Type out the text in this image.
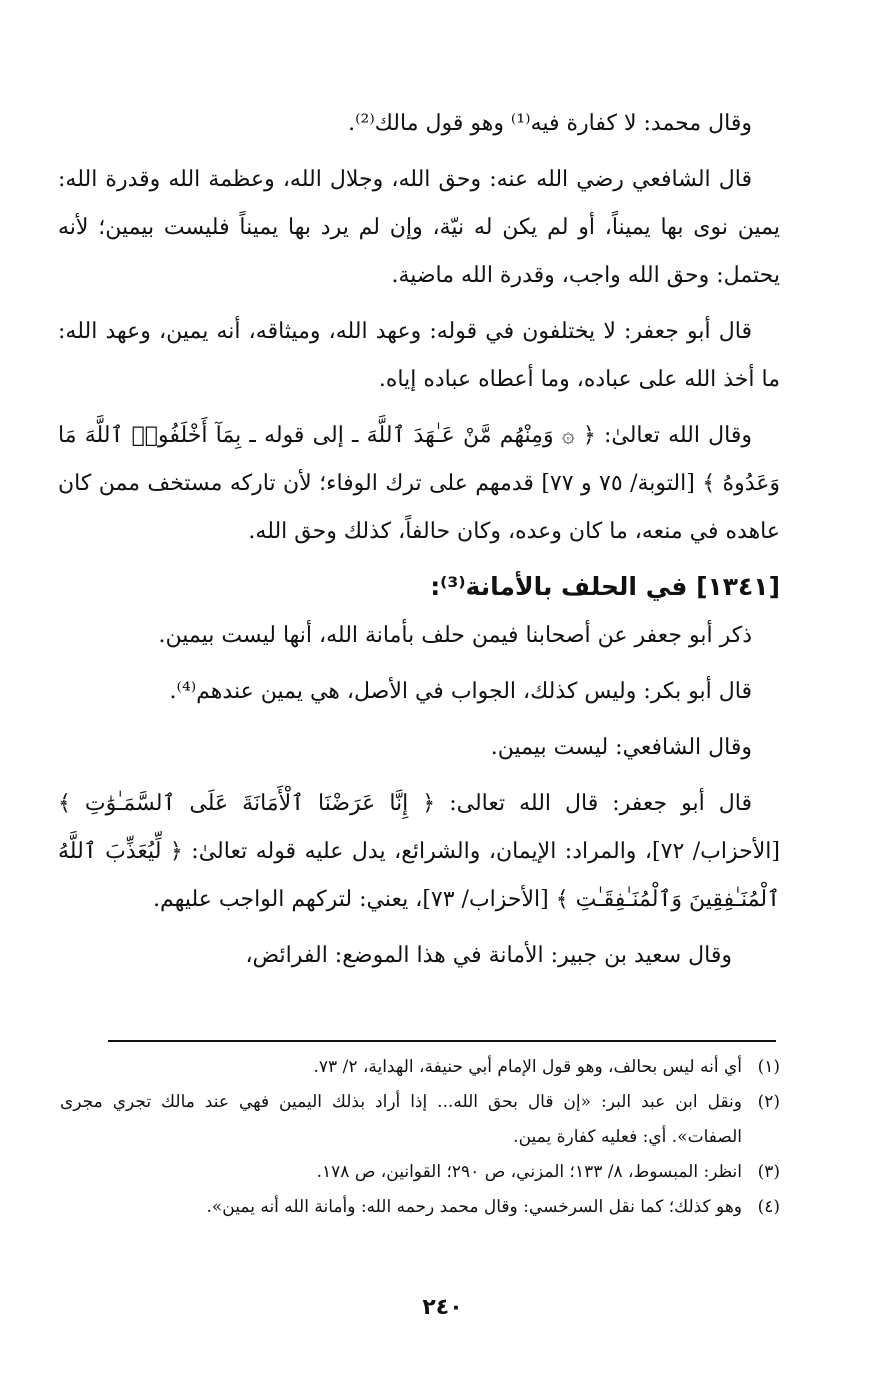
وقال محمد: لا كفارة فيه⁽¹⁾ وهو قول مالك⁽²⁾.

قال الشافعي رضي الله عنه: وحق الله، وجلال الله، وعظمة الله وقدرة الله: يمين نوى بها يميناً، أو لم يكن له نيّة، وإن لم يرد بها يميناً فليست بيمين؛ لأنه يحتمل: وحق الله واجب، وقدرة الله ماضية.

قال أبو جعفر: لا يختلفون في قوله: وعهد الله، وميثاقه، أنه يمين، وعهد الله: ما أخذ الله على عباده، وما أعطاه عباده إياه.

وقال الله تعالىٰ: ﴿ ۞ وَمِنْهُم مَّنْ عَـٰهَدَ ٱللَّهَ ـ إلى قوله ـ بِمَآ أَخْلَفُوا۟ ٱللَّهَ مَا وَعَدُوهُ ﴾ [التوبة/ ٧٥ و ٧٧] قدمهم على ترك الوفاء؛ لأن تاركه مستخف ممن كان عاهده في منعه، ما كان وعده، وكان حالفاً، كذلك وحق الله.

[١٣٤١] في الحلف بالأمانة⁽³⁾:

ذكر أبو جعفر عن أصحابنا فيمن حلف بأمانة الله، أنها ليست بيمين.

قال أبو بكر: وليس كذلك، الجواب في الأصل، هي يمين عندهم⁽⁴⁾.

وقال الشافعي: ليست بيمين.

قال أبو جعفر: قال الله تعالى: ﴿ إِنَّا عَرَضْنَا ٱلْأَمَانَةَ عَلَى ٱلسَّمَـٰوَٰتِ ﴾ [الأحزاب/ ٧٢]، والمراد: الإيمان، والشرائع، يدل عليه قوله تعالىٰ: ﴿ لِّيُعَذِّبَ ٱللَّهُ ٱلْمُنَـٰفِقِينَ وَٱلْمُنَـٰفِقَـٰتِ ﴾ [الأحزاب/ ٧٣]، يعني: لتركهم الواجب عليهم.

وقال سعيد بن جبير: الأمانة في هذا الموضع: الفرائض،

(١)
أي أنه ليس بحالف، وهو قول الإمام أبي حنيفة، الهداية، ٢/ ٧٣.
(٢)
ونقل ابن عبد البر: «إن قال بحق الله... إذا أراد بذلك اليمين فهي عند مالك تجري مجرى الصفات». أي: فعليه كفارة يمين.
(٣)
انظر: المبسوط، ٨/ ١٣٣؛ المزني، ص ٢٩٠؛ القوانين، ص ١٧٨.
(٤)
وهو كذلك؛ كما نقل السرخسي: وقال محمد رحمه الله: وأمانة الله أنه يمين».
٢٤٠
